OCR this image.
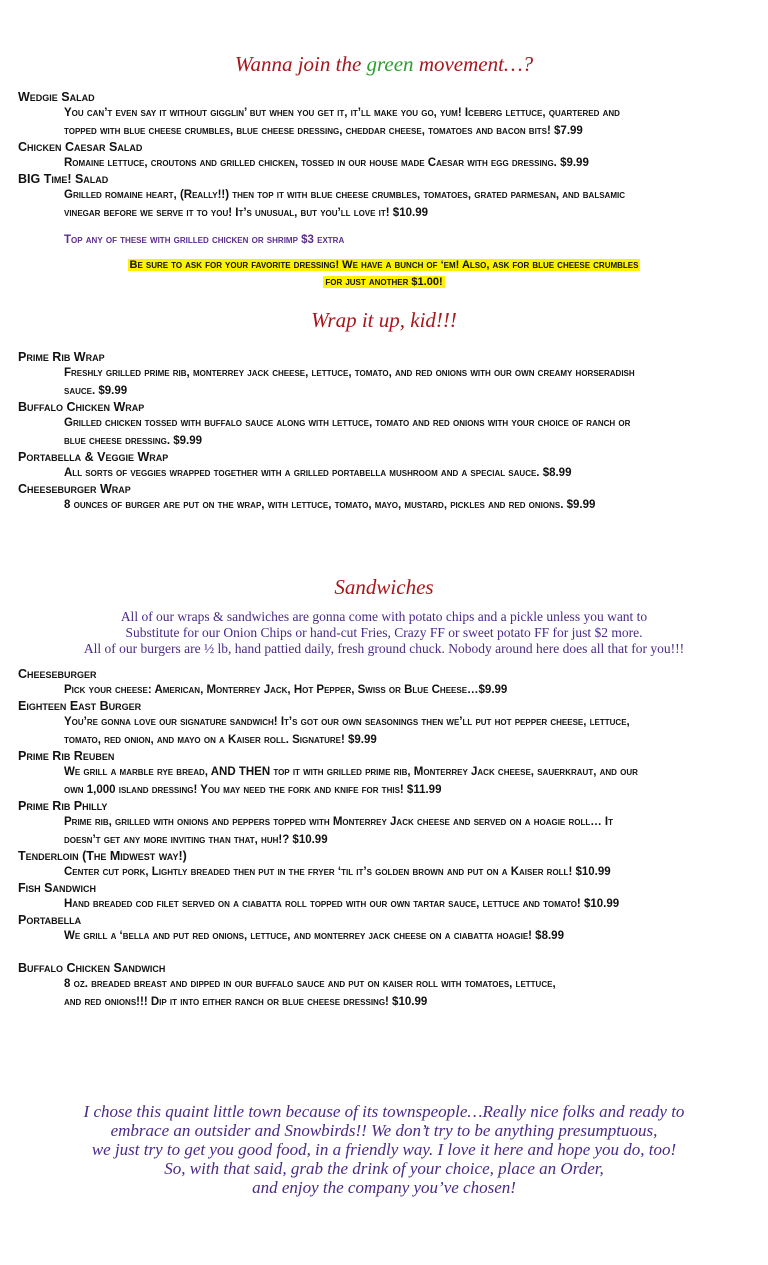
Wanna join the green movement…?

Wedgie Salad

You can’t even say it without gigglin’ but when you get it, it’ll make you go, yum! Iceberg lettuce, quartered and
topped with blue cheese crumbles, blue cheese dressing, cheddar cheese, tomatoes and bacon bits! $7.99

Chicken Caesar Salad

Romaine lettuce, croutons and grilled chicken, tossed in our house made Caesar with egg dressing. $9.99

BIG Time! Salad

Grilled romaine heart, (Really!!) then top it with blue cheese crumbles, tomatoes, grated parmesan, and balsamic
vinegar before we serve it to you! It’s unusual, but you’ll love it! $10.99

Top any of these with grilled chicken or shrimp $3 extra

Be sure to ask for your favorite dressing! We have a bunch of ‘em! Also, ask for blue cheese crumbles
for just another $1.00!

Wrap it up, kid!!!

Prime Rib Wrap

Freshly grilled prime rib, monterrey jack cheese, lettuce, tomato, and red onions with our own creamy horseradish
sauce. $9.99

Buffalo Chicken Wrap

Grilled chicken tossed with buffalo sauce along with lettuce, tomato and red onions with your choice of ranch or
blue cheese dressing. $9.99

Portabella & Veggie Wrap

All sorts of veggies wrapped together with a grilled portabella mushroom and a special sauce. $8.99

Cheeseburger Wrap

8 ounces of burger are put on the wrap, with lettuce, tomato, mayo, mustard, pickles and red onions. $9.99

Sandwiches

All of our wraps & sandwiches are gonna come with potato chips and a pickle unless you want to
Substitute for our Onion Chips or hand-cut Fries, Crazy FF or sweet potato FF for just $2 more.
All of our burgers are ½ lb, hand pattied daily, fresh ground chuck. Nobody around here does all that for you!!!

Cheeseburger

Pick your cheese: American, Monterrey Jack, Hot Pepper, Swiss or Blue Cheese…$9.99

Eighteen East Burger

You’re gonna love our signature sandwich! It’s got our own seasonings then we’ll put hot pepper cheese, lettuce,
tomato, red onion, and mayo on a Kaiser roll. Signature! $9.99

Prime Rib Reuben

We grill a marble rye bread, AND THEN top it with grilled prime rib, Monterrey Jack cheese, sauerkraut, and our
own 1,000 island dressing! You may need the fork and knife for this! $11.99

Prime Rib Philly

Prime rib, grilled with onions and peppers topped with Monterrey Jack cheese and served on a hoagie roll… It
doesn’t get any more inviting than that, huh!? $10.99

Tenderloin (The Midwest way!)

Center cut pork, Lightly breaded then put in the fryer ‘til it’s golden brown and put on a Kaiser roll! $10.99

Fish Sandwich

Hand breaded cod filet served on a ciabatta roll topped with our own tartar sauce, lettuce and tomato! $10.99

Portabella

We grill a ‘bella and put red onions, lettuce, and monterrey jack cheese on a ciabatta hoagie! $8.99

Buffalo Chicken Sandwich

8 oz. breaded breast and dipped in our buffalo sauce and put on kaiser roll with tomatoes, lettuce,
and red onions!!! Dip it into either ranch or blue cheese dressing! $10.99

I chose this quaint little town because of its townspeople…Really nice folks and ready to
embrace an outsider and Snowbirds!! We don’t try to be anything presumptuous,
we just try to get you good food, in a friendly way. I love it here and hope you do, too!
So, with that said, grab the drink of your choice, place an Order,
and enjoy the company you’ve chosen!
